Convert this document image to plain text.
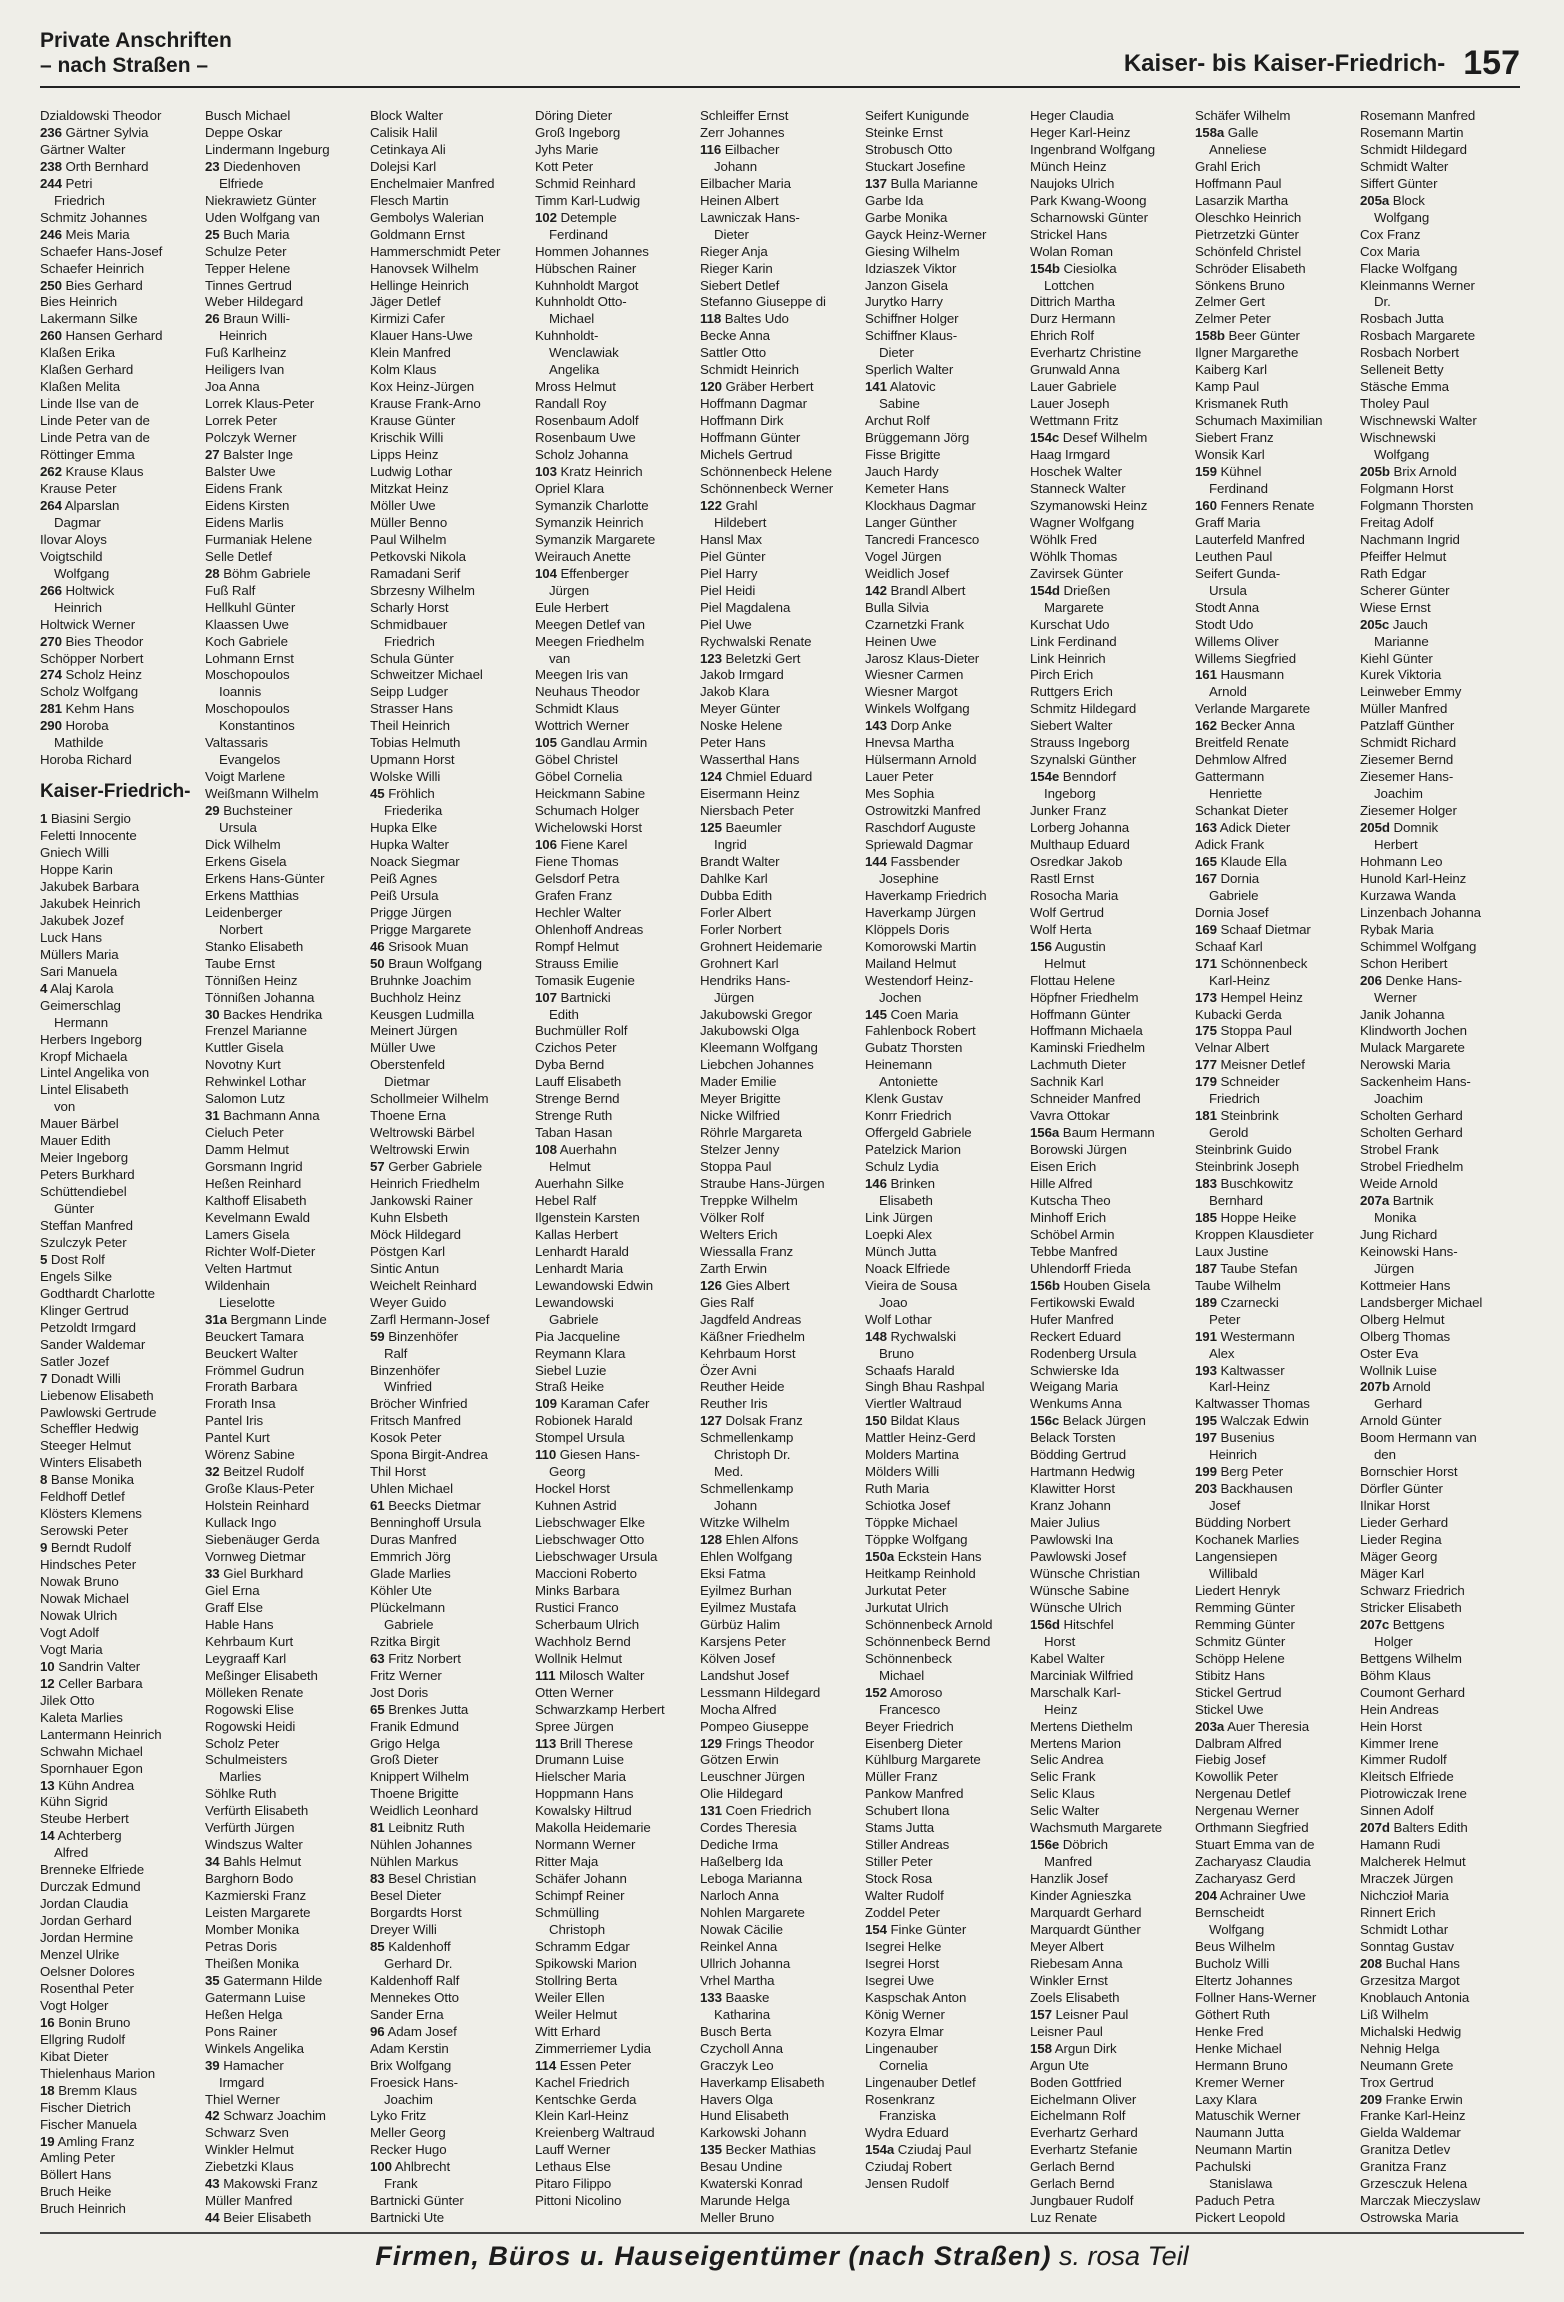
Private Anschriften
– nach Straßen –	Kaiser- bis Kaiser-Friedrich- 157
Dzialdowski Theodor
236 Gärtner Sylvia
Gärtner Walter
238 Orth Bernhard
244 Petri
Friedrich
Schmitz Johannes
246 Meis Maria
Schaefer Hans-Josef
Schaefer Heinrich
250 Bies Gerhard
Bies Heinrich
Lakermann Silke
260 Hansen Gerhard
Klaßen Erika
Klaßen Gerhard
Klaßen Melita
Linde Ilse van de
Linde Peter van de
Linde Petra van de
Röttinger Emma
262 Krause Klaus
Krause Peter
264 Alparslan
Dagmar
Ilovar Aloys
Voigtschild
Wolfgang
266 Holtwick
Heinrich
Holtwick Werner
270 Bies Theodor
Schöpper Norbert
274 Scholz Heinz
Scholz Wolfgang
281 Kehm Hans
290 Horoba
Mathilde
Horoba Richard
Kaiser-Friedrich-
1 Biasini Sergio
Feletti Innocente
Gniech Willi
Hoppe Karin
Jakubek Barbara
Jakubek Heinrich
Jakubek Jozef
Luck Hans
Müllers Maria
Sari Manuela
4 Alaj Karola
Geimerschlag
Hermann
Herbers Ingeborg
Kropf Michaela
Lintel Angelika von
Lintel Elisabeth
von
Mauer Bärbel
Mauer Edith
Meier Ingeborg
Peters Burkhard
Schüttendiebel
Günter
Steffan Manfred
Szulczyk Peter
5 Dost Rolf
Engels Silke
Godthardt Charlotte
Klinger Gertrud
Petzoldt Irmgard
Sander Waldemar
Satler Jozef
7 Donadt Willi
Liebenow Elisabeth
Pawlowski Gertrude
Scheffler Hedwig
Steeger Helmut
Winters Elisabeth
8 Banse Monika
Feldhoff Detlef
Klösters Klemens
Serowski Peter
9 Berndt Rudolf
Hindsches Peter
Nowak Bruno
Nowak Michael
Nowak Ulrich
Vogt Adolf
Vogt Maria
10 Sandrin Valter
12 Celler Barbara
Jilek Otto
Kaleta Marlies
Lantermann Heinrich
Schwahn Michael
Spornhauer Egon
13 Kühn Andrea
Kühn Sigrid
Steube Herbert
14 Achterberg
Alfred
Brenneke Elfriede
Durczak Edmund
Jordan Claudia
Jordan Gerhard
Jordan Hermine
Menzel Ulrike
Oelsner Dolores
Rosenthal Peter
Vogt Holger
16 Bonin Bruno
Ellgring Rudolf
Kibat Dieter
Thielenhaus Marion
18 Bremm Klaus
Fischer Dietrich
Fischer Manuela
19 Amling Franz
Amling Peter
Böllert Hans
Bruch Heike
Bruch Heinrich
Busch Michael
Deppe Oskar
Lindermann Ingeburg
23 Diedenhoven
Elfriede
Niekrawietz Günter
Uden Wolfgang van
25 Buch Maria
Schulze Peter
Tepper Helene
Tinnes Gertrud
Weber Hildegard
26 Braun Willi-
Heinrich
Fuß Karlheinz
Heiligers Ivan
Joa Anna
Lorrek Klaus-Peter
Lorrek Peter
Polczyk Werner
27 Balster Inge
Balster Uwe
Eidens Frank
Eidens Kirsten
Eidens Marlis
Furmaniak Helene
Selle Detlef
28 Böhm Gabriele
Fuß Ralf
Hellkuhl Günter
Klaassen Uwe
Koch Gabriele
Lohmann Ernst
Moschopoulos
Ioannis
Moschopoulos
Konstantinos
Valtassaris
Evangelos
Voigt Marlene
Weißmann Wilhelm
29 Buchsteiner
Ursula
Dick Wilhelm
Erkens Gisela
Erkens Hans-Günter
Erkens Matthias
Leidenberger
Norbert
Stanko Elisabeth
Taube Ernst
Tönnißen Heinz
Tönnißen Johanna
30 Backes Hendrika
Frenzel Marianne
Kuttler Gisela
Novotny Kurt
Rehwinkel Lothar
Salomon Lutz
31 Bachmann Anna
Cieluch Peter
Damm Helmut
Gorsmann Ingrid
Heßen Reinhard
Kalthoff Elisabeth
Kevelmann Ewald
Lamers Gisela
Richter Wolf-Dieter
Velten Hartmut
Wildenhain
Lieselotte
31a Bergmann Linde
Beuckert Tamara
Beuckert Walter
Frömmel Gudrun
Frorath Barbara
Frorath Insa
Pantel Iris
Pantel Kurt
Wörenz Sabine
32 Beitzel Rudolf
Große Klaus-Peter
Holstein Reinhard
Kullack Ingo
Siebenäuger Gerda
Vornweg Dietmar
33 Giel Burkhard
Giel Erna
Graff Else
Hable Hans
Kehrbaum Kurt
Leygraaff Karl
Meßinger Elisabeth
Mölleken Renate
Rogowski Elise
Rogowski Heidi
Scholz Peter
Schulmeisters
Marlies
Söhlke Ruth
Verfürth Elisabeth
Verfürth Jürgen
Windszus Walter
34 Bahls Helmut
Barghorn Bodo
Kazmierski Franz
Leisten Margarete
Momber Monika
Petras Doris
Theißen Monika
35 Gatermann Hilde
Gatermann Luise
Heßen Helga
Pons Rainer
Winkels Angelika
39 Hamacher
Irmgard
Thiel Werner
42 Schwarz Joachim
Schwarz Sven
Winkler Helmut
Ziebetzki Klaus
43 Makowski Franz
Müller Manfred
44 Beier Elisabeth
Block Walter
Calisik Halil
Cetinkaya Ali
Dolejsi Karl
Enchelmaier Manfred
Flesch Martin
Gembolys Walerian
Goldmann Ernst
Hammerschmidt Peter
Hanovsek Wilhelm
Hellinge Heinrich
Jäger Detlef
Kirmizi Cafer
Klauer Hans-Uwe
Klein Manfred
Kolm Klaus
Kox Heinz-Jürgen
Krause Frank-Arno
Krause Günter
Krischik Willi
Lipps Heinz
Ludwig Lothar
Mitzkat Heinz
Möller Uwe
Müller Benno
Paul Wilhelm
Petkovski Nikola
Ramadani Serif
Sbrzesny Wilhelm
Scharly Horst
Schmidbauer
Friedrich
Schula Günter
Schweitzer Michael
Seipp Ludger
Strasser Hans
Theil Heinrich
Tobias Helmuth
Upmann Horst
Wolske Willi
45 Fröhlich
Friederika
Hupka Elke
Hupka Walter
Noack Siegmar
Peiß Agnes
Peiß Ursula
Prigge Jürgen
Prigge Margarete
46 Srisook Muan
50 Braun Wolfgang
Bruhnke Joachim
Buchholz Heinz
Keusgen Ludmilla
Meinert Jürgen
Müller Uwe
Oberstenfeld
Dietmar
Schollmeier Wilhelm
Thoene Erna
Weltrowski Bärbel
Weltrowski Erwin
57 Gerber Gabriele
Heinrich Friedhelm
Jankowski Rainer
Kuhn Elsbeth
Möck Hildegard
Pöstgen Karl
Sintic Antun
Weichelt Reinhard
Weyer Guido
Zarfl Hermann-Josef
59 Binzenhöfer
Ralf
Binzenhöfer
Winfried
Bröcher Winfried
Fritsch Manfred
Kosok Peter
Spona Birgit-Andrea
Thil Horst
Uhlen Michael
61 Beecks Dietmar
Benninghoff Ursula
Duras Manfred
Emmrich Jörg
Glade Marlies
Köhler Ute
Plückelmann
Gabriele
Rzitka Birgit
63 Fritz Norbert
Fritz Werner
Jost Doris
65 Brenkes Jutta
Franik Edmund
Grigo Helga
Groß Dieter
Knippert Wilhelm
Thoene Brigitte
Weidlich Leonhard
81 Leibnitz Ruth
Nühlen Johannes
Nühlen Markus
83 Besel Christian
Besel Dieter
Borgardts Horst
Dreyer Willi
85 Kaldenhoff
Gerhard Dr.
Kaldenhoff Ralf
Mennekes Otto
Sander Erna
96 Adam Josef
Adam Kerstin
Brix Wolfgang
Froesick Hans-
Joachim
Lyko Fritz
Meller Georg
Recker Hugo
100 Ahlbrecht
Frank
Bartnicki Günter
Bartnicki Ute
Döring Dieter
Groß Ingeborg
Jyhs Marie
Kott Peter
Schmid Reinhard
Timm Karl-Ludwig
102 Detemple
Ferdinand
Hommen Johannes
Hübschen Rainer
Kuhnholdt Margot
Kuhnholdt Otto-
Michael
Kuhnholdt-
Wenclawiak
Angelika
Mross Helmut
Randall Roy
Rosenbaum Adolf
Rosenbaum Uwe
Scholz Johanna
103 Kratz Heinrich
Opriel Klara
Symanzik Charlotte
Symanzik Heinrich
Symanzik Margarete
Weirauch Anette
104 Effenberger
Jürgen
Eule Herbert
Meegen Detlef van
Meegen Friedhelm
van
Meegen Iris van
Neuhaus Theodor
Schmidt Klaus
Wottrich Werner
105 Gandlau Armin
Göbel Christel
Göbel Cornelia
Heickmann Sabine
Schumach Holger
Wichelowski Horst
106 Fiene Karel
Fiene Thomas
Gelsdorf Petra
Grafen Franz
Hechler Walter
Ohlenhoff Andreas
Rompf Helmut
Strauss Emilie
Tomasik Eugenie
107 Bartnicki
Edith
Buchmüller Rolf
Czichos Peter
Dyba Bernd
Lauff Elisabeth
Strenge Bernd
Strenge Ruth
Taban Hasan
108 Auerhahn
Helmut
Auerhahn Silke
Hebel Ralf
Ilgenstein Karsten
Kallas Herbert
Lenhardt Harald
Lenhardt Maria
Lewandowski Edwin
Lewandowski
Gabriele
Pia Jacqueline
Reymann Klara
Siebel Luzie
Straß Heike
109 Karaman Cafer
Robionek Harald
Stompel Ursula
110 Giesen Hans-
Georg
Hockel Horst
Kuhnen Astrid
Liebschwager Elke
Liebschwager Otto
Liebschwager Ursula
Maccioni Roberto
Minks Barbara
Rustici Franco
Scherbaum Ulrich
Wachholz Bernd
Wollnik Helmut
111 Milosch Walter
Otten Werner
Schwarzkamp Herbert
Spree Jürgen
113 Brill Therese
Drumann Luise
Hielscher Maria
Hoppmann Hans
Kowalsky Hiltrud
Makolla Heidemarie
Normann Werner
Ritter Maja
Schäfer Johann
Schimpf Reiner
Schmülling
Christoph
Schramm Edgar
Spikowski Marion
Stollring Berta
Weiler Ellen
Weiler Helmut
Witt Erhard
Zimmerriemer Lydia
114 Essen Peter
Kachel Friedrich
Kentschke Gerda
Klein Karl-Heinz
Kreienberg Waltraud
Lauff Werner
Lethaus Else
Pitaro Filippo
Pittoni Nicolino
Schleiffer Ernst
Zerr Johannes
116 Eilbacher
Johann
Eilbacher Maria
Heinen Albert
Lawniczak Hans-
Dieter
Rieger Anja
Rieger Karin
Siebert Detlef
Stefanno Giuseppe di
118 Baltes Udo
Becke Anna
Sattler Otto
Schmidt Heinrich
120 Gräber Herbert
Hoffmann Dagmar
Hoffmann Dirk
Hoffmann Günter
Michels Gertrud
Schönnenbeck Helene
Schönnenbeck Werner
122 Grahl
Hildebert
Hansl Max
Piel Günter
Piel Harry
Piel Heidi
Piel Magdalena
Piel Uwe
Rychwalski Renate
123 Beletzki Gert
Jakob Irmgard
Jakob Klara
Meyer Günter
Noske Helene
Peter Hans
Wasserthal Hans
124 Chmiel Eduard
Eisermann Heinz
Niersbach Peter
125 Baeumler
Ingrid
Brandt Walter
Dahlke Karl
Dubba Edith
Forler Albert
Forler Norbert
Grohnert Heidemarie
Grohnert Karl
Hendriks Hans-
Jürgen
Jakubowski Gregor
Jakubowski Olga
Kleemann Wolfgang
Liebchen Johannes
Mader Emilie
Meyer Brigitte
Nicke Wilfried
Röhrle Margareta
Stelzer Jenny
Stoppa Paul
Straube Hans-Jürgen
Treppke Wilhelm
Völker Rolf
Welters Erich
Wiessalla Franz
Zarth Erwin
126 Gies Albert
Gies Ralf
Jagdfeld Andreas
Käßner Friedhelm
Kehrbaum Horst
Özer Avni
Reuther Heide
Reuther Iris
127 Dolsak Franz
Schmellenkamp
Christoph Dr.
Med.
Schmellenkamp
Johann
Witzke Wilhelm
128 Ehlen Alfons
Ehlen Wolfgang
Eksi Fatma
Eyilmez Burhan
Eyilmez Mustafa
Gürbüz Halim
Karsjens Peter
Kölven Josef
Landshut Josef
Lessmann Hildegard
Mocha Alfred
Pompeo Giuseppe
129 Frings Theodor
Götzen Erwin
Leuschner Jürgen
Olie Hildegard
131 Coen Friedrich
Cordes Theresia
Dediche Irma
Haßelberg Ida
Leboga Marianna
Narloch Anna
Nohlen Margarete
Nowak Cäcilie
Reinkel Anna
Ullrich Johanna
Vrhel Martha
133 Baaske
Katharina
Busch Berta
Czycholl Anna
Graczyk Leo
Haverkamp Elisabeth
Havers Olga
Hund Elisabeth
Karkowski Johann
135 Becker Mathias
Besau Undine
Kwaterski Konrad
Marunde Helga
Meller Bruno
Seifert Kunigunde
Steinke Ernst
Strobusch Otto
Stuckart Josefine
137 Bulla Marianne
Garbe Ida
Garbe Monika
Gayck Heinz-Werner
Giesing Wilhelm
Idziaszek Viktor
Janzon Gisela
Jurytko Harry
Schiffner Holger
Schiffner Klaus-
Dieter
Sperlich Walter
141 Alatovic
Sabine
Archut Rolf
Brüggemann Jörg
Fisse Brigitte
Jauch Hardy
Kemeter Hans
Klockhaus Dagmar
Langer Günther
Tancredi Francesco
Vogel Jürgen
Weidlich Josef
142 Brandl Albert
Bulla Silvia
Czarnetzki Frank
Heinen Uwe
Jarosz Klaus-Dieter
Wiesner Carmen
Wiesner Margot
Winkels Wolfgang
143 Dorp Anke
Hnevsa Martha
Hülsermann Arnold
Lauer Peter
Mes Sophia
Ostrowitzki Manfred
Raschdorf Auguste
Spriewald Dagmar
144 Fassbender
Josephine
Haverkamp Friedrich
Haverkamp Jürgen
Klöppels Doris
Komorowski Martin
Mailand Helmut
Westendorf Heinz-
Jochen
145 Coen Maria
Fahlenbock Robert
Gubatz Thorsten
Heinemann
Antoniette
Klenk Gustav
Konrr Friedrich
Offergeld Gabriele
Patelzick Marion
Schulz Lydia
146 Brinken
Elisabeth
Link Jürgen
Loepki Alex
Münch Jutta
Noack Elfriede
Vieira de Sousa
Joao
Wolf Lothar
148 Rychwalski
Bruno
Schaafs Harald
Singh Bhau Rashpal
Viertler Waltraud
150 Bildat Klaus
Mattler Heinz-Gerd
Molders Martina
Mölders Willi
Ruth Maria
Schiotka Josef
Töppke Michael
Töppke Wolfgang
150a Eckstein Hans
Heitkamp Reinhold
Jurkutat Peter
Jurkutat Ulrich
Schönnenbeck Arnold
Schönnenbeck Bernd
Schönnenbeck
Michael
152 Amoroso
Francesco
Beyer Friedrich
Eisenberg Dieter
Kühlburg Margarete
Müller Franz
Pankow Manfred
Schubert Ilona
Stams Jutta
Stiller Andreas
Stiller Peter
Stock Rosa
Walter Rudolf
Zoddel Peter
154 Finke Günter
Isegrei Helke
Isegrei Horst
Isegrei Uwe
Kaspschak Anton
König Werner
Kozyra Elmar
Lingenauber
Cornelia
Lingenauber Detlef
Rosenkranz
Franziska
Wydra Eduard
154a Cziudaj Paul
Cziudaj Robert
Jensen Rudolf
Heger Claudia
Heger Karl-Heinz
Ingenbrand Wolfgang
Münch Heinz
Naujoks Ulrich
Park Kwang-Woong
Scharnowski Günter
Strickel Hans
Wolan Roman
154b Ciesiolka
Lottchen
Dittrich Martha
Durz Hermann
Ehrich Rolf
Everhartz Christine
Grunwald Anna
Lauer Gabriele
Lauer Joseph
Wettmann Fritz
154c Desef Wilhelm
Haag Irmgard
Hoschek Walter
Stanneck Walter
Szymanowski Heinz
Wagner Wolfgang
Wöhlk Fred
Wöhlk Thomas
Zavirsek Günter
154d Drießen
Margarete
Kurschat Udo
Link Ferdinand
Link Heinrich
Pirch Erich
Ruttgers Erich
Schmitz Hildegard
Siebert Walter
Strauss Ingeborg
Szynalski Günther
154e Benndorf
Ingeborg
Junker Franz
Lorberg Johanna
Multhaup Eduard
Osredkar Jakob
Rastl Ernst
Rosocha Maria
Wolf Gertrud
Wolf Herta
156 Augustin
Helmut
Flottau Helene
Höpfner Friedhelm
Hoffmann Günter
Hoffmann Michaela
Kaminski Friedhelm
Lachmuth Dieter
Sachnik Karl
Schneider Manfred
Vavra Ottokar
156a Baum Hermann
Borowski Jürgen
Eisen Erich
Hille Alfred
Kutscha Theo
Minhoff Erich
Schöbel Armin
Tebbe Manfred
Uhlendorff Frieda
156b Houben Gisela
Fertikowski Ewald
Hufer Manfred
Reckert Eduard
Rodenberg Ursula
Schwierske Ida
Weigang Maria
Wenkums Anna
156c Belack Jürgen
Belack Torsten
Bödding Gertrud
Hartmann Hedwig
Klawitter Horst
Kranz Johann
Maier Julius
Pawlowski Ina
Pawlowski Josef
Wünsche Christian
Wünsche Sabine
Wünsche Ulrich
156d Hitschfel
Horst
Kabel Walter
Marciniak Wilfried
Marschalk Karl-
Heinz
Mertens Diethelm
Mertens Marion
Selic Andrea
Selic Frank
Selic Klaus
Selic Walter
Wachsmuth Margarete
156e Döbrich
Manfred
Hanzlik Josef
Kinder Agnieszka
Marquardt Gerhard
Marquardt Günther
Meyer Albert
Riebesam Anna
Winkler Ernst
Zoels Elisabeth
157 Leisner Paul
Leisner Paul
158 Argun Dirk
Argun Ute
Boden Gottfried
Eichelmann Oliver
Eichelmann Rolf
Everhartz Gerhard
Everhartz Stefanie
Gerlach Bernd
Gerlach Bernd
Jungbauer Rudolf
Luz Renate
Schäfer Wilhelm
158a Galle
Anneliese
Grahl Erich
Hoffmann Paul
Lasarzik Martha
Oleschko Heinrich
Pietrzetzki Günter
Schönfeld Christel
Schröder Elisabeth
Sönkens Bruno
Zelmer Gert
Zelmer Peter
158b Beer Günter
Ilgner Margarethe
Kaiberg Karl
Kamp Paul
Krismanek Ruth
Schumach Maximilian
Siebert Franz
Wonsik Karl
159 Kühnel
Ferdinand
160 Fenners Renate
Graff Maria
Lauterfeld Manfred
Leuthen Paul
Seifert Gunda-
Ursula
Stodt Anna
Stodt Udo
Willems Oliver
Willems Siegfried
161 Hausmann
Arnold
Verlande Margarete
162 Becker Anna
Breitfeld Renate
Dehmlow Alfred
Gattermann
Henriette
Schankat Dieter
163 Adick Dieter
Adick Frank
165 Klaude Ella
167 Dornia
Gabriele
Dornia Josef
169 Schaaf Dietmar
Schaaf Karl
171 Schönnenbeck
Karl-Heinz
173 Hempel Heinz
Kubacki Gerda
175 Stoppa Paul
Velnar Albert
177 Meisner Detlef
179 Schneider
Friedrich
181 Steinbrink
Gerold
Steinbrink Guido
Steinbrink Joseph
183 Buschkowitz
Bernhard
185 Hoppe Heike
Kroppen Klausdieter
Laux Justine
187 Taube Stefan
Taube Wilhelm
189 Czarnecki
Peter
191 Westermann
Alex
193 Kaltwasser
Karl-Heinz
Kaltwasser Thomas
195 Walczak Edwin
197 Busenius
Heinrich
199 Berg Peter
203 Backhausen
Josef
Büdding Norbert
Kochanek Marlies
Langensiepen
Willibald
Liedert Henryk
Remming Günter
Remming Günter
Schmitz Günter
Schöpp Helene
Stibitz Hans
Stickel Gertrud
Stickel Uwe
203a Auer Theresia
Dalbram Alfred
Fiebig Josef
Kowollik Peter
Nergenau Detlef
Nergenau Werner
Orthmann Siegfried
Stuart Emma van de
Zacharyasz Claudia
Zacharyasz Gerd
204 Achrainer Uwe
Bernscheidt
Wolfgang
Beus Wilhelm
Bucholz Willi
Eltertz Johannes
Follner Hans-Werner
Göthert Ruth
Henke Fred
Henke Michael
Hermann Bruno
Kremer Werner
Laxy Klara
Matuschik Werner
Naumann Jutta
Neumann Martin
Pachulski
Stanislawa
Paduch Petra
Pickert Leopold
Rosemann Manfred
Rosemann Martin
Schmidt Hildegard
Schmidt Walter
Siffert Günter
205a Block
Wolfgang
Cox Franz
Cox Maria
Flacke Wolfgang
Kleinmanns Werner
Dr.
Rosbach Jutta
Rosbach Margarete
Rosbach Norbert
Selleneit Betty
Stäsche Emma
Tholey Paul
Wischnewski Walter
Wischnewski
Wolfgang
205b Brix Arnold
Folgmann Horst
Folgmann Thorsten
Freitag Adolf
Nachmann Ingrid
Pfeiffer Helmut
Rath Edgar
Scherer Günter
Wiese Ernst
205c Jauch
Marianne
Kiehl Günter
Kurek Viktoria
Leinweber Emmy
Müller Manfred
Patzlaff Günther
Schmidt Richard
Ziesemer Bernd
Ziesemer Hans-
Joachim
Ziesemer Holger
205d Domnik
Herbert
Hohmann Leo
Hunold Karl-Heinz
Kurzawa Wanda
Linzenbach Johanna
Rybak Maria
Schimmel Wolfgang
Schon Heribert
206 Denke Hans-
Werner
Janik Johanna
Klindworth Jochen
Mulack Margarete
Nerowski Maria
Sackenheim Hans-
Joachim
Scholten Gerhard
Scholten Gerhard
Strobel Frank
Strobel Friedhelm
Weide Arnold
207a Bartnik
Monika
Jung Richard
Keinowski Hans-
Jürgen
Kottmeier Hans
Landsberger Michael
Olberg Helmut
Olberg Thomas
Oster Eva
Wollnik Luise
207b Arnold
Gerhard
Arnold Günter
Boom Hermann van
den
Bornschier Horst
Dörfler Günter
Ilnikar Horst
Lieder Gerhard
Lieder Regina
Mäger Georg
Mäger Karl
Schwarz Friedrich
Stricker Elisabeth
207c Bettgens
Holger
Bettgens Wilhelm
Böhm Klaus
Coumont Gerhard
Hein Andreas
Hein Horst
Kimmer Irene
Kimmer Rudolf
Kleitsch Elfriede
Piotrowiczak Irene
Sinnen Adolf
207d Balters Edith
Hamann Rudi
Malcherek Helmut
Mraczek Jürgen
Nichczioł Maria
Rinnert Erich
Schmidt Lothar
Sonntag Gustav
208 Buchal Hans
Grzesitza Margot
Knoblauch Antonia
Liß Wilhelm
Michalski Hedwig
Nehnig Helga
Neumann Grete
Trox Gertrud
209 Franke Erwin
Franke Karl-Heinz
Gielda Waldemar
Granitza Detlev
Granitza Franz
Grzesczuk Helena
Marczak Mieczyslaw
Ostrowska Maria
Firmen, Büros u. Hauseigentümer (nach Straßen) s. rosa Teil
